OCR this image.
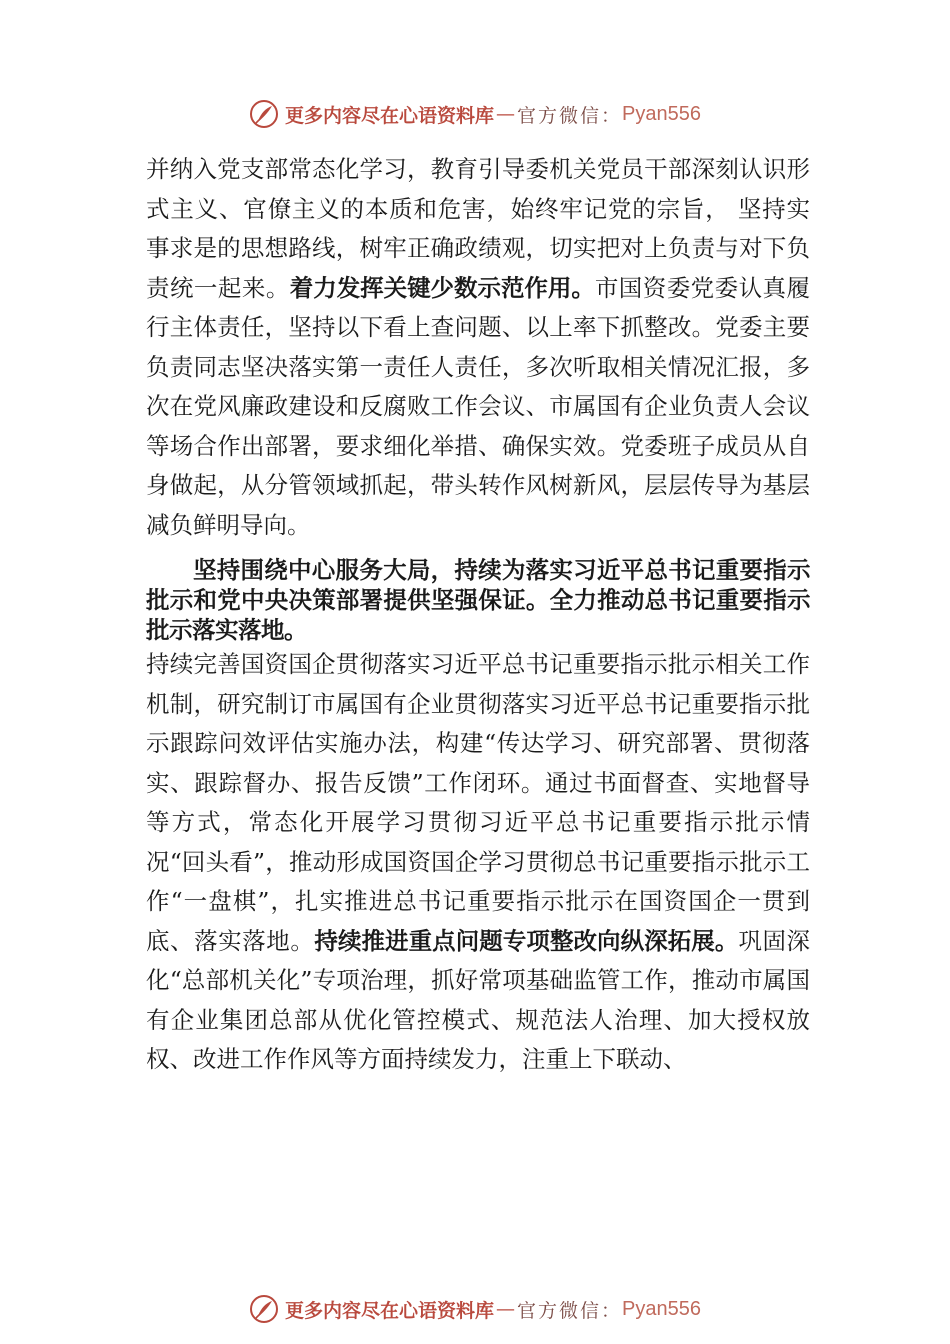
更多内容尽在心语资料库 — 官方微信： Pyan556

并纳入党支部常态化学习，教育引导委机关党员干部深刻认识形式主义、官僚主义的本质和危害，始终牢记党的宗旨， 坚持实事求是的思想路线，树牢正确政绩观，切实把对上负责与对下负责统一起来。着力发挥关键少数示范作用。市国资委党委认真履行主体责任，坚持以下看上查问题、以上率下抓整改。党委主要负责同志坚决落实第一责任人责任，多次听取相关情况汇报，多次在党风廉政建设和反腐败工作会议、市属国有企业负责人会议等场合作出部署，要求细化举措、确保实效。党委班子成员从自身做起，从分管领域抓起，带头转作风树新风，层层传导为基层减负鲜明导向。

坚持围绕中心服务大局，持续为落实习近平总书记重要指示批示和党中央决策部署提供坚强保证。全力推动总书记重要指示批示落实落地。
持续完善国资国企贯彻落实习近平总书记重要指示批示相关工作机制，研究制订市属国有企业贯彻落实习近平总书记重要指示批示跟踪问效评估实施办法，构建“传达学习、研究部署、贯彻落实、跟踪督办、报告反馈”工作闭环。通过书面督查、实地督导等方式，常态化开展学习贯彻习近平总书记重要指示批示情况“回头看”，推动形成国资国企学习贯彻总书记重要指示批示工作“一盘棋”，扎实推进总书记重要指示批示在国资国企一贯到底、落实落地。持续推进重点问题专项整改向纵深拓展。巩固深化“总部机关化”专项治理，抓好常项基础监管工作，推动市属国有企业集团总部从优化管控模式、规范法人治理、加大授权放权、改进工作作风等方面持续发力，注重上下联动、

更多内容尽在心语资料库 — 官方微信： Pyan556
